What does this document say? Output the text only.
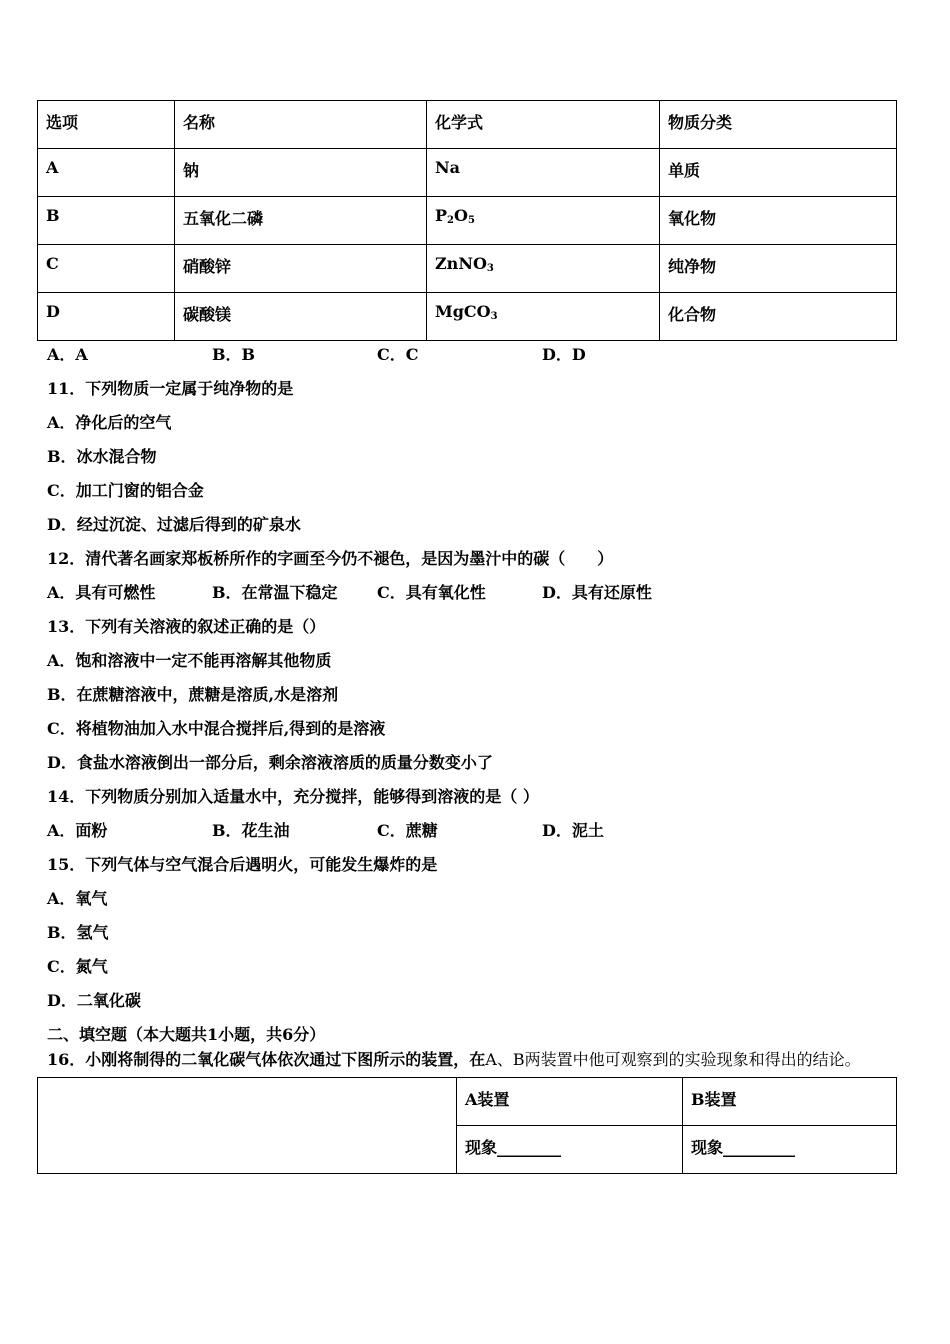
选项	名称	化学式	物质分类
A	钠	Na	单质
B	五氧化二磷	$P_2O_5$	氧化物
C	硝酸锌	ZnNO$_3$	纯净物
D	碳酸镁	MgCO$_3$	化合物
A．A	B．B	C．C	D．D
11．下列物质一定属于纯净物的是
A．净化后的空气
B．冰水混合物
C．加工门窗的铝合金
D．经过沉淀、过滤后得到的矿泉水
12．清代著名画家郑板桥所作的字画至今仍不褪色，是因为墨汁中的碳（　　）
A．具有可燃性	B．在常温下稳定 C．具有氧化性	D．具有还原性
13．下列有关溶液的叙述正确的是（）
A．饱和溶液中一定不能再溶解其他物质
B．在蔗糖溶液中，蔗糖是溶质,水是溶剂
C．将植物油加入水中混合搅拌后,得到的是溶液
D．食盐水溶液倒出一部分后，剩余溶液溶质的质量分数变小了
14．下列物质分别加入适量水中，充分搅拌，能够得到溶液的是（ ）
A．面粉	B．花生油	C．蔗糖	D．泥土
15．下列气体与空气混合后遇明火，可能发生爆炸的是
A．氧气
B．氢气
C．氮气
D．二氧化碳
二、填空题（本大题共1小题，共6分）
16．小刚将制得的二氧化碳气体依次通过下图所示的装置，在A、B两装置中他可观察到的实验现象和得出的结论。
	A装置	B装置
	现象________	现象_________
